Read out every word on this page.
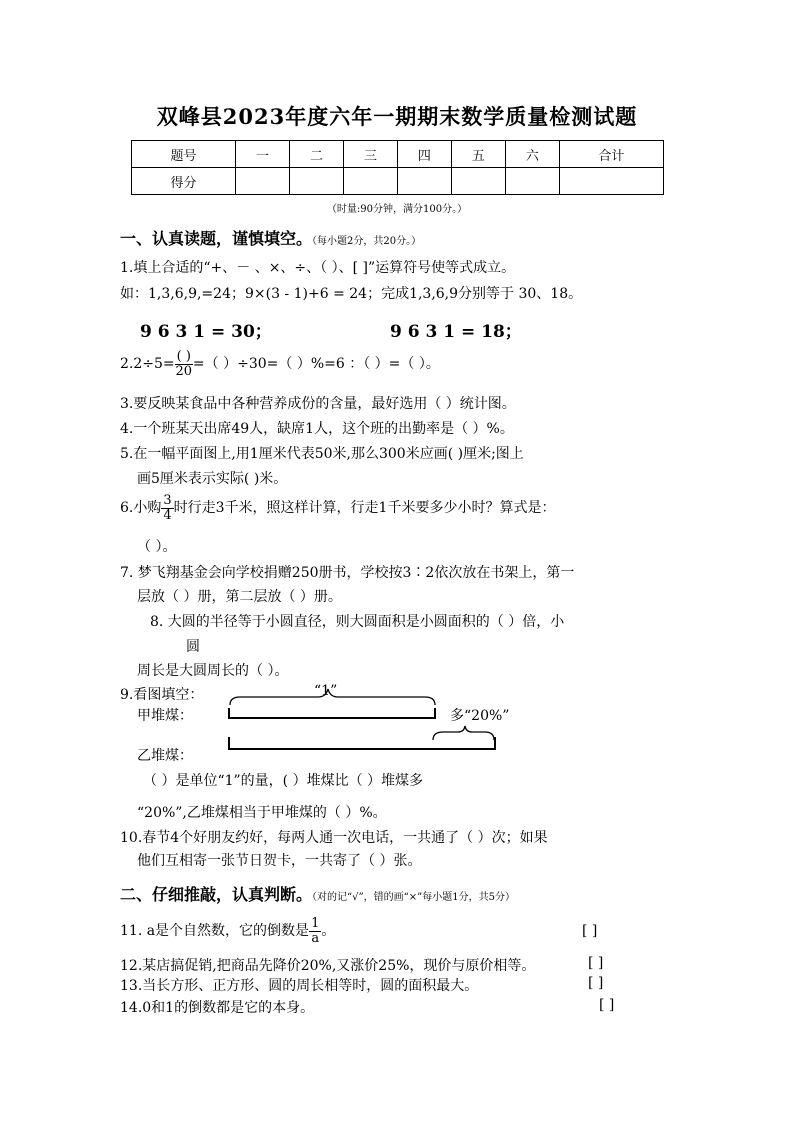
双峰县2023年度六年一期期末数学质量检测试题
题号	一	二	三	四	五	六	合计
得分							
（时量:90分钟，满分100分。）
一、认真读题，谨慎填空。（每小题2分，共20分。）
1.填上合适的“+、－ 、×、÷、（ ）、[ ]”运算符号使等式成立。
如：1,3,6,9,=24；9×(3 - 1)+6 = 24；完成1,3,6,9分别等于 30、18。
9 6 3 1 = 30；	9 6 3 1 = 18；
$2.2\div 5= \frac{( )}{20}$ =（ ）÷30=（ ）%=6 ：（ ）=（ ）。
3.要反映某食品中各种营养成份的含量，最好选用（ ）统计图。
4.一个班某天出席49人，缺席1人，这个班的出勤率是（ ）%。
5.在一幅平面图上,用1厘米代表50米,那么300米应画( )厘米;图上
画5厘米表示实际( )米。
6.小购 $\frac{3}{4}$ 时行走3千米，照这样计算，行走1千米要多少小时？算式是：
（ ）。
7. 梦飞翔基金会向学校捐赠250册书，学校按3∶2依次放在书架上，第一
层放（ ）册，第二层放（ ）册。
8. 大圆的半径等于小圆直径，则大圆面积是小圆面积的（ ）倍，小
圆
周长是大圆周长的（ ）。
9.看图填空：	“1”
甲堆煤：	多“20%”
乙堆煤：
（ ）是单位“1”的量，( ）堆煤比（ ）堆煤多
“20%”,乙堆煤相当于甲堆煤的（ ）%。
10.春节4个好朋友约好，每两人通一次电话，一共通了（ ）次；如果
他们互相寄一张节日贺卡，一共寄了（ ）张。
二、仔细推敲，认真判断。（对的记“√”，错的画“×”每小题1分，共5分）
11. a是个自然数，它的倒数是 $\frac{1}{a}$ 。	[ ]
12.某店搞促销,把商品先降价20%,又涨价25%，现价与原价相等。	[ ]
13.当长方形、正方形、圆的周长相等时，圆的面积最大。	[ ]
14.0和1的倒数都是它的本身。	[ ]
